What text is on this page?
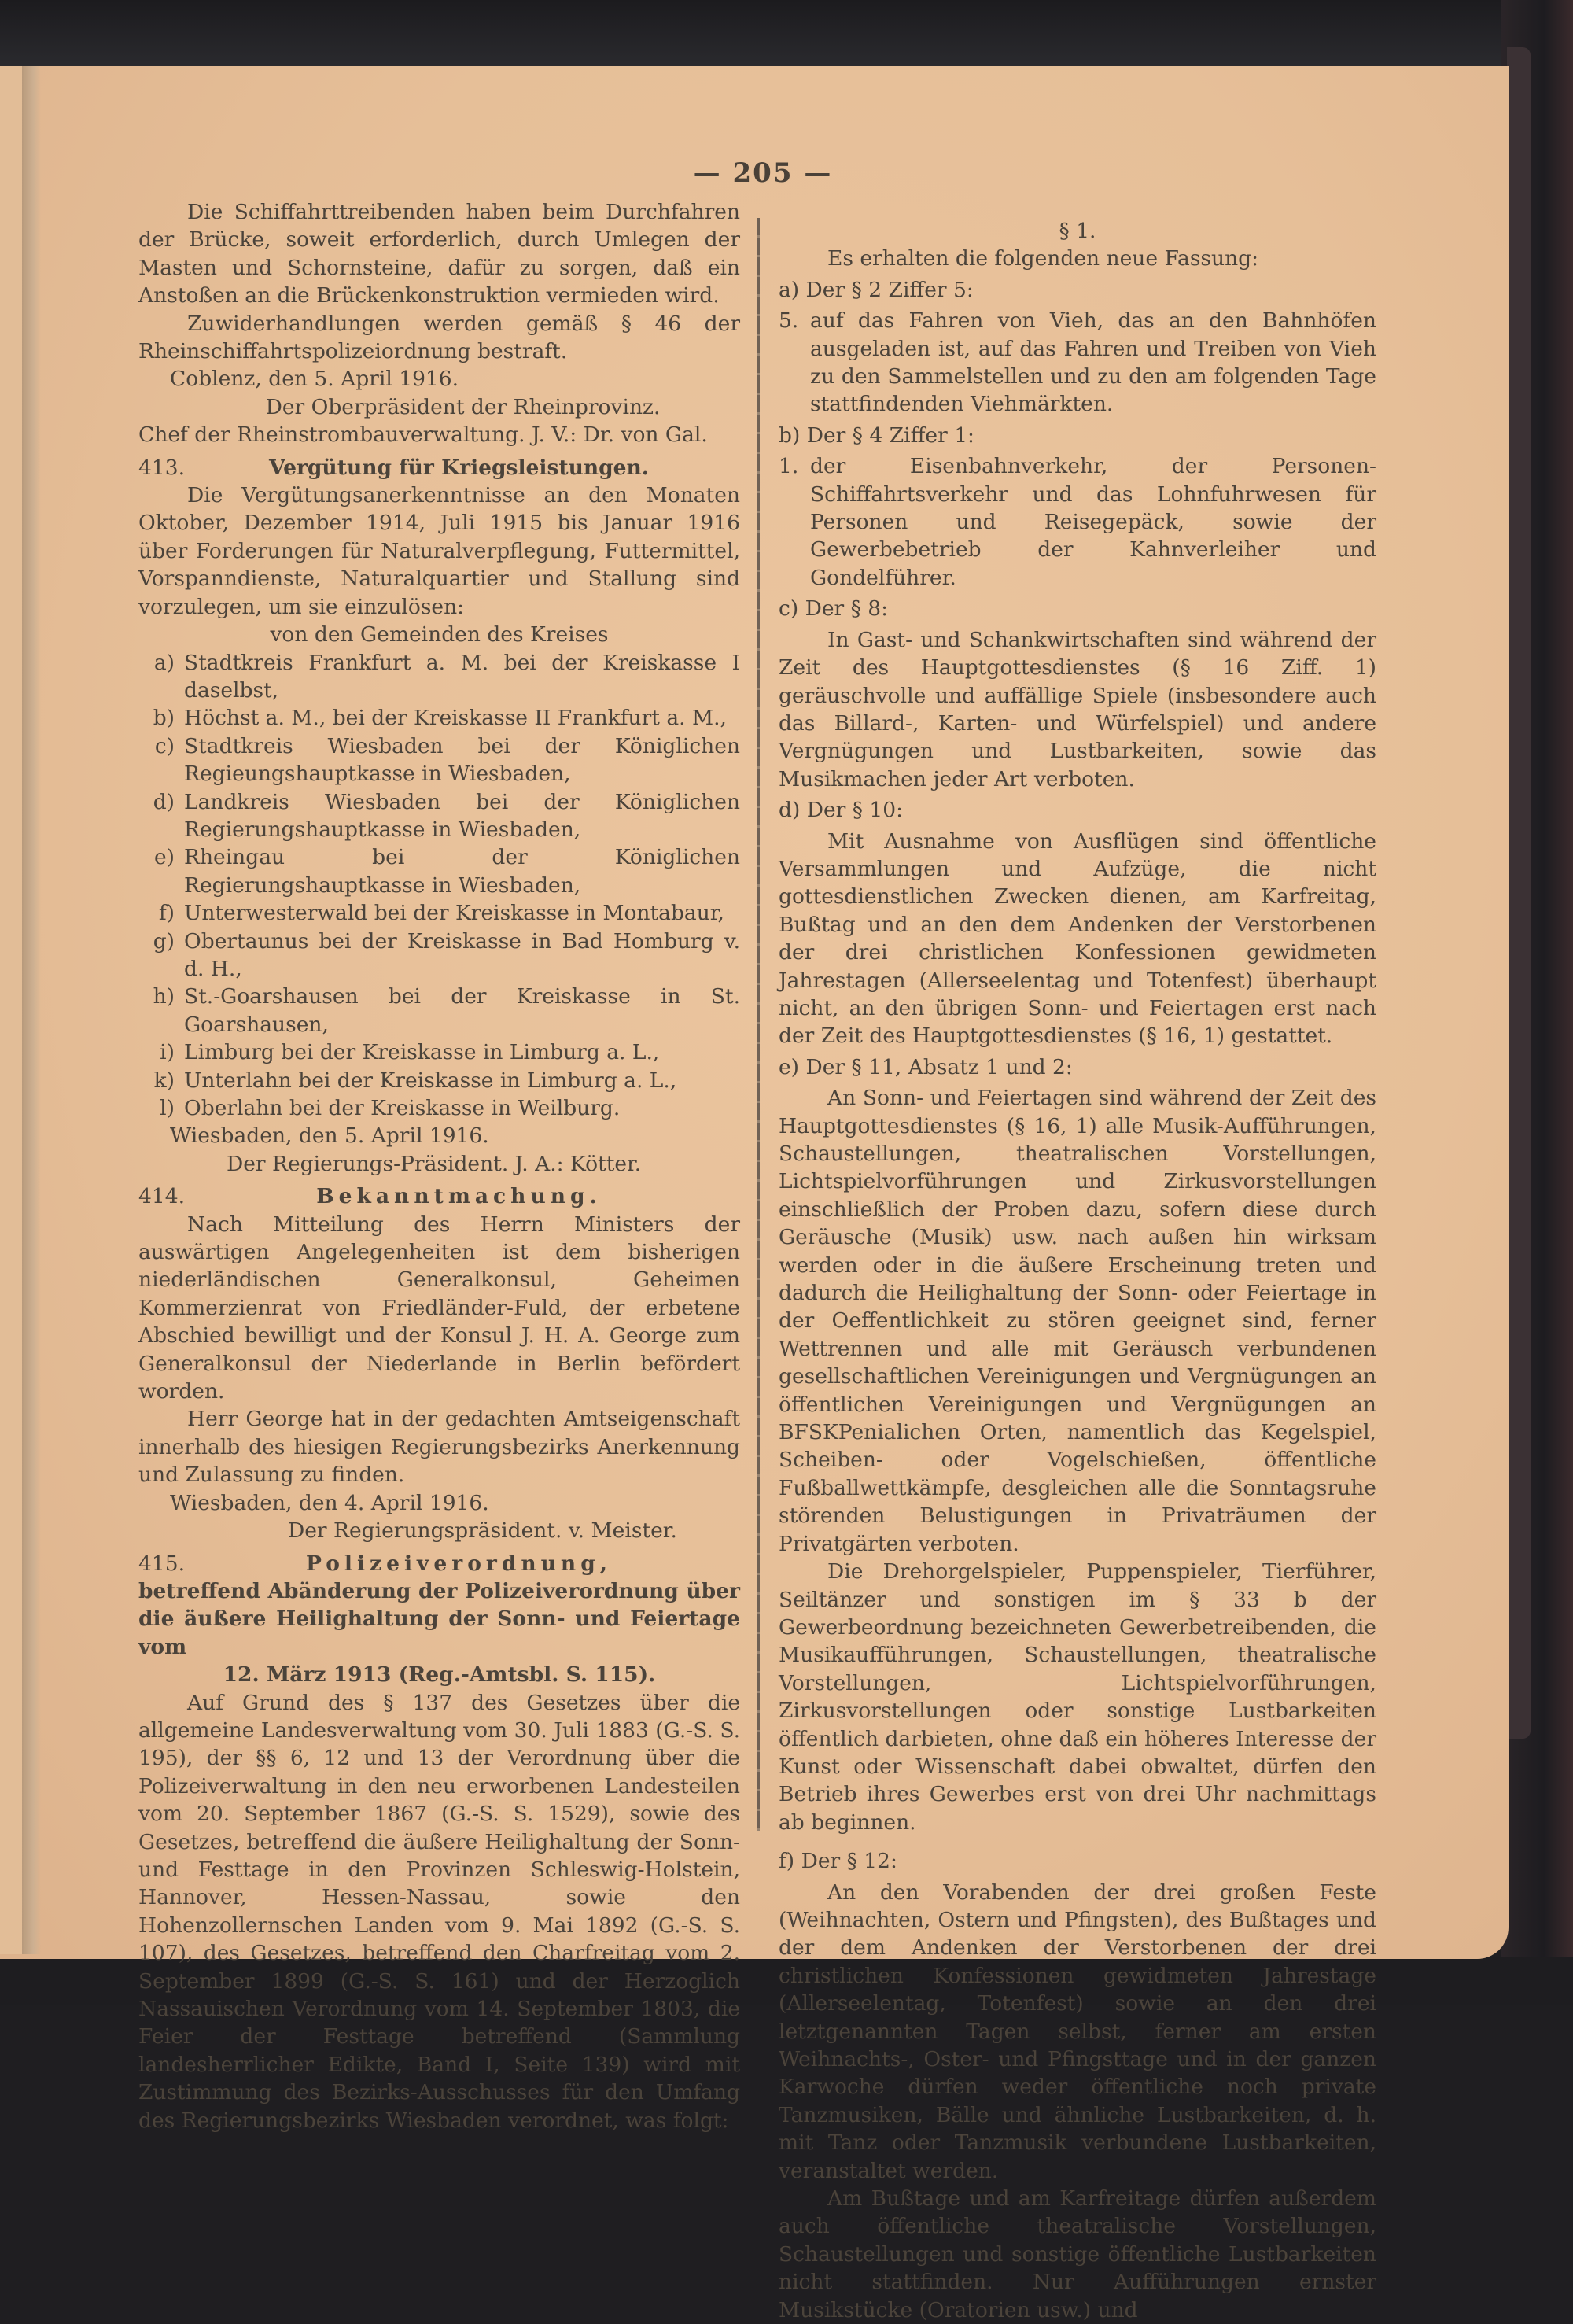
— 205 —

Die Schiffahrttreibenden haben beim Durchfahren der Brücke, soweit erforderlich, durch Umlegen der Masten und Schornsteine, dafür zu sorgen, daß ein Anstoßen an die Brückenkonstruktion vermieden wird.

Zuwiderhandlungen werden gemäß § 46 der Rheinschiffahrtspolizeiordnung bestraft.

Coblenz, den 5. April 1916.

Der Oberpräsident der Rheinprovinz.

Chef der Rheinstrombauverwaltung. J. V.: Dr. von Gal.

413.	Vergütung für Kriegsleistungen.

Die Vergütungsanerkenntnisse an den Monaten Oktober, Dezember 1914, Juli 1915 bis Januar 1916 über Forderungen für Naturalverpflegung, Futtermittel, Vorspanndienste, Naturalquartier und Stallung sind vorzulegen, um sie einzulösen:

von den Gemeinden des Kreises

a) Stadtkreis Frankfurt a. M. bei der Kreiskasse I daselbst,
b) Höchst a. M., bei der Kreiskasse II Frankfurt a. M.,
c) Stadtkreis Wiesbaden bei der Königlichen Regieungshauptkasse in Wiesbaden,
d) Landkreis Wiesbaden bei der Königlichen Regierungshauptkasse in Wiesbaden,
e) Rheingau bei der Königlichen Regierungshauptkasse in Wiesbaden,
f) Unterwesterwald bei der Kreiskasse in Montabaur,
g) Obertaunus bei der Kreiskasse in Bad Homburg v. d. H.,
h) St.-Goarshausen bei der Kreiskasse in St. Goarshausen,
i) Limburg bei der Kreiskasse in Limburg a. L.,
k) Unterlahn bei der Kreiskasse in Limburg a. L.,
l) Oberlahn bei der Kreiskasse in Weilburg.

Wiesbaden, den 5. April 1916.

Der Regierungs-Präsident. J. A.: Kötter.

414.	Bekanntmachung.

Nach Mitteilung des Herrn Ministers der auswärtigen Angelegenheiten ist dem bisherigen niederländischen Generalkonsul, Geheimen Kommerzienrat von Friedländer-Fuld, der erbetene Abschied bewilligt und der Konsul J. H. A. George zum Generalkonsul der Niederlande in Berlin befördert worden.

Herr George hat in der gedachten Amtseigenschaft innerhalb des hiesigen Regierungsbezirks Anerkennung und Zulassung zu finden.

Wiesbaden, den 4. April 1916.

Der Regierungspräsident. v. Meister.

415.	Polizeiverordnung,

betreffend Abänderung der Polizeiverordnung über die äußere Heilighaltung der Sonn- und Feiertage vom

12. März 1913 (Reg.-Amtsbl. S. 115).

Auf Grund des § 137 des Gesetzes über die allgemeine Landesverwaltung vom 30. Juli 1883 (G.-S. S. 195), der §§ 6, 12 und 13 der Verordnung über die Polizeiverwaltung in den neu erworbenen Landesteilen vom 20. September 1867 (G.-S. S. 1529), sowie des Gesetzes, betreffend die äußere Heilighaltung der Sonn- und Festtage in den Provinzen Schleswig-Holstein, Hannover, Hessen-Nassau, sowie den Hohenzollernschen Landen vom 9. Mai 1892 (G.-S. S. 107), des Gesetzes, betreffend den Charfreitag vom 2. September 1899 (G.-S. S. 161) und der Herzoglich Nassauischen Verordnung vom 14. September 1803, die Feier der Festtage betreffend (Sammlung landesherrlicher Edikte, Band I, Seite 139) wird mit Zustimmung des Bezirks-Ausschusses für den Umfang des Regierungsbezirks Wiesbaden verordnet, was folgt:

§ 1.

Es erhalten die folgenden neue Fassung:

a) Der § 2 Ziffer 5:

5. auf das Fahren von Vieh, das an den Bahnhöfen ausgeladen ist, auf das Fahren und Treiben von Vieh zu den Sammelstellen und zu den am folgenden Tage stattfindenden Viehmärkten.

b) Der § 4 Ziffer 1:

1. der Eisenbahnverkehr, der Personen-Schiffahrtsverkehr und das Lohnfuhrwesen für Personen und Reisegepäck, sowie der Gewerbebetrieb der Kahnverleiher und Gondelführer.

c) Der § 8:

In Gast- und Schankwirtschaften sind während der Zeit des Hauptgottesdienstes (§ 16 Ziff. 1) geräuschvolle und auffällige Spiele (insbesondere auch das Billard-, Karten- und Würfelspiel) und andere Vergnügungen und Lustbarkeiten, sowie das Musikmachen jeder Art verboten.

d) Der § 10:

Mit Ausnahme von Ausflügen sind öffentliche Versammlungen und Aufzüge, die nicht gottesdienstlichen Zwecken dienen, am Karfreitag, Bußtag und an den dem Andenken der Verstorbenen der drei christlichen Konfessionen gewidmeten Jahrestagen (Allerseelentag und Totenfest) überhaupt nicht, an den übrigen Sonn- und Feiertagen erst nach der Zeit des Hauptgottesdienstes (§ 16, 1) gestattet.

e) Der § 11, Absatz 1 und 2:

An Sonn- und Feiertagen sind während der Zeit des Hauptgottesdienstes (§ 16, 1) alle Musik-Aufführungen, Schaustellungen, theatralischen Vorstellungen, Lichtspielvorführungen und Zirkusvorstellungen einschließlich der Proben dazu, sofern diese durch Geräusche (Musik) usw. nach außen hin wirksam werden oder in die äußere Erscheinung treten und dadurch die Heilighaltung der Sonn- oder Feiertage in der Oeffentlichkeit zu stören geeignet sind, ferner Wettrennen und alle mit Geräusch verbundenen gesellschaftlichen Vereinigungen und Vergnügungen an öffentlichen Vereinigungen und Vergnügungen an BFSKPenialichen Orten, namentlich das Kegelspiel, Scheiben- oder Vogelschießen, öffentliche Fußballwettkämpfe, desgleichen alle die Sonntagsruhe störenden Belustigungen in Privaträumen der Privatgärten verboten.

Die Drehorgelspieler, Puppenspieler, Tierführer, Seiltänzer und sonstigen im § 33 b der Gewerbeordnung bezeichneten Gewerbetreibenden, die Musikaufführungen, Schaustellungen, theatralische Vorstellungen, Lichtspielvorführungen, Zirkusvorstellungen oder sonstige Lustbarkeiten öffentlich darbieten, ohne daß ein höheres Interesse der Kunst oder Wissenschaft dabei obwaltet, dürfen den Betrieb ihres Gewerbes erst von drei Uhr nachmittags ab beginnen.

f) Der § 12:

An den Vorabenden der drei großen Feste (Weihnachten, Ostern und Pfingsten), des Bußtages und der dem Andenken der Verstorbenen der drei christlichen Konfessionen gewidmeten Jahrestage (Allerseelentag, Totenfest) sowie an den drei letztgenannten Tagen selbst, ferner am ersten Weihnachts-, Oster- und Pfingsttage und in der ganzen Karwoche dürfen weder öffentliche noch private Tanzmusiken, Bälle und ähnliche Lustbarkeiten, d. h. mit Tanz oder Tanzmusik verbundene Lustbarkeiten, veranstaltet werden.

Am Bußtage und am Karfreitage dürfen außerdem auch öffentliche theatralische Vorstellungen, Schaustellungen und sonstige öffentliche Lustbarkeiten nicht stattfinden. Nur Aufführungen ernster Musikstücke (Oratorien usw.) und
